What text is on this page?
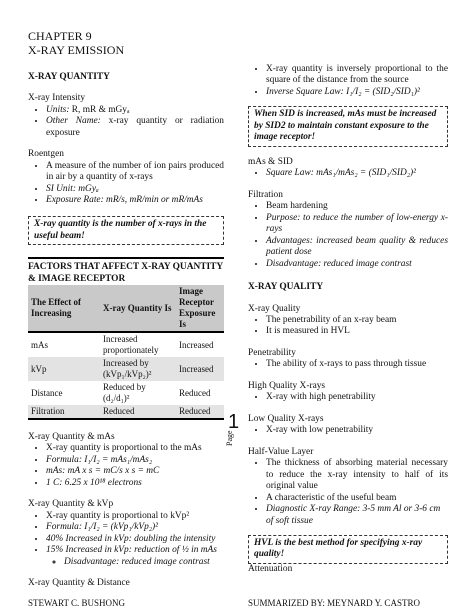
CHAPTER 9
X-RAY EMISSION

X-RAY QUANTITY

X-ray Intensity

• Units: R, mR & mGyₐ
• Other Name: x-ray quantity or radiation exposure

Roentgen

• A measure of the number of ion pairs produced in air by a quantity of x-rays
• SI Unit: mGyₐ
• Exposure Rate: mR/s, mR/min or mR/mAs
X-ray quantity is the number of x-rays in the useful beam!
FACTORS THAT AFFECT X-RAY QUANTITY & IMAGE RECEPTOR
The Effect of Increasing	X-ray Quantity Is	Image Receptor Exposure Is
mAs	Increased proportionately	Increased
kVp	Increased by (kVp₁/kVp₂)²	Increased
Distance	Reduced by (d₂/d₁)²	Reduced
Filtration	Reduced	Reduced

X-ray Quantity & mAs

• X-ray quantity is proportional to the mAs
• Formula: I₁/I₂ = mAs₁/mAs₂
• mAs: mA x s = mC/s x s = mC
• 1 C: 6.25 x 10¹⁸ electrons

X-ray Quantity & kVp

• X-ray quantity is proportional to kVp²
• Formula: I₁/I₂ = (kVp₁/kVp₂)²
• 40% Increased in kVp: doubling the intensity
• 15% Increased in kVp: reduction of ½ in mAs
◦ Disadvantage: reduced image contrast

X-ray Quantity & Distance

• X-ray quantity is inversely proportional to the square of the distance from the source
• Inverse Square Law: I₁/I₂ = (SID₂/SID₁)²
When SID is increased, mAs must be increased by SID2 to maintain constant exposure to the image receptor!

mAs & SID

• Square Law: mAs₁/mAs₂ = (SID₁/SID₂)²

Filtration

• Beam hardening
• Purpose: to reduce the number of low-energy x-rays
• Advantages: increased beam quality & reduces patient dose
• Disadvantage: reduced image contrast

X-RAY QUALITY

X-ray Quality

• The penetrability of an x-ray beam
• It is measured in HVL

Penetrability

• The ability of x-rays to pass through tissue

High Quality X-rays

• X-ray with high penetrability

Low Quality X-rays

• X-ray with low penetrability

Half-Value Layer

• The thickness of absorbing material necessary to reduce the x-ray intensity to half of its original value
• A characteristic of the useful beam
• Diagnostic X-ray Range: 3-5 mm Al or 3-6 cm of soft tissue
HVL is the best method for specifying x-ray quality!

Attenuation

1
Page
STEWART C. BUSHONG	SUMMARIZED BY: MEYNARD Y. CASTRO
